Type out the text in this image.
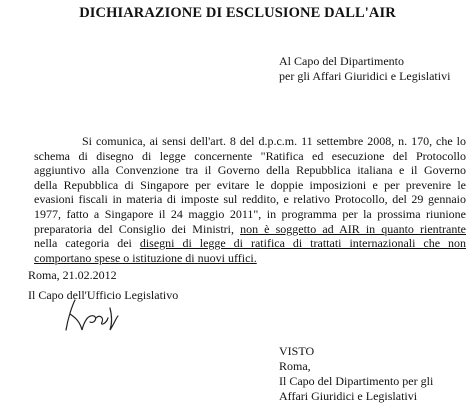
DICHIARAZIONE DI ESCLUSIONE DALL'AIR
Al Capo del Dipartimento
per gli Affari Giuridici e Legislativi
Si comunica, ai sensi dell'art. 8 del d.p.c.m. 11 settembre 2008, n. 170, che lo
schema di disegno di legge concernente "Ratifica ed esecuzione del Protocollo
aggiuntivo alla Convenzione tra il Governo della Repubblica italiana e il Governo
della Repubblica di Singapore per evitare le doppie imposizioni e per prevenire le
evasioni fiscali in materia di imposte sul reddito, e relativo Protocollo, del 29 gennaio
1977, fatto a Singapore il 24 maggio 2011", in programma per la prossima riunione
preparatoria del Consiglio dei Ministri, non è soggetto ad AIR in quanto rientrante
nella categoria dei disegni di legge di ratifica di trattati internazionali che non
comportano spese o istituzione di nuovi uffici.
Roma, 21.02.2012
Il Capo dell'Ufficio Legislativo
VISTO
Roma,
Il Capo del Dipartimento per gli
Affari Giuridici e Legislativi
